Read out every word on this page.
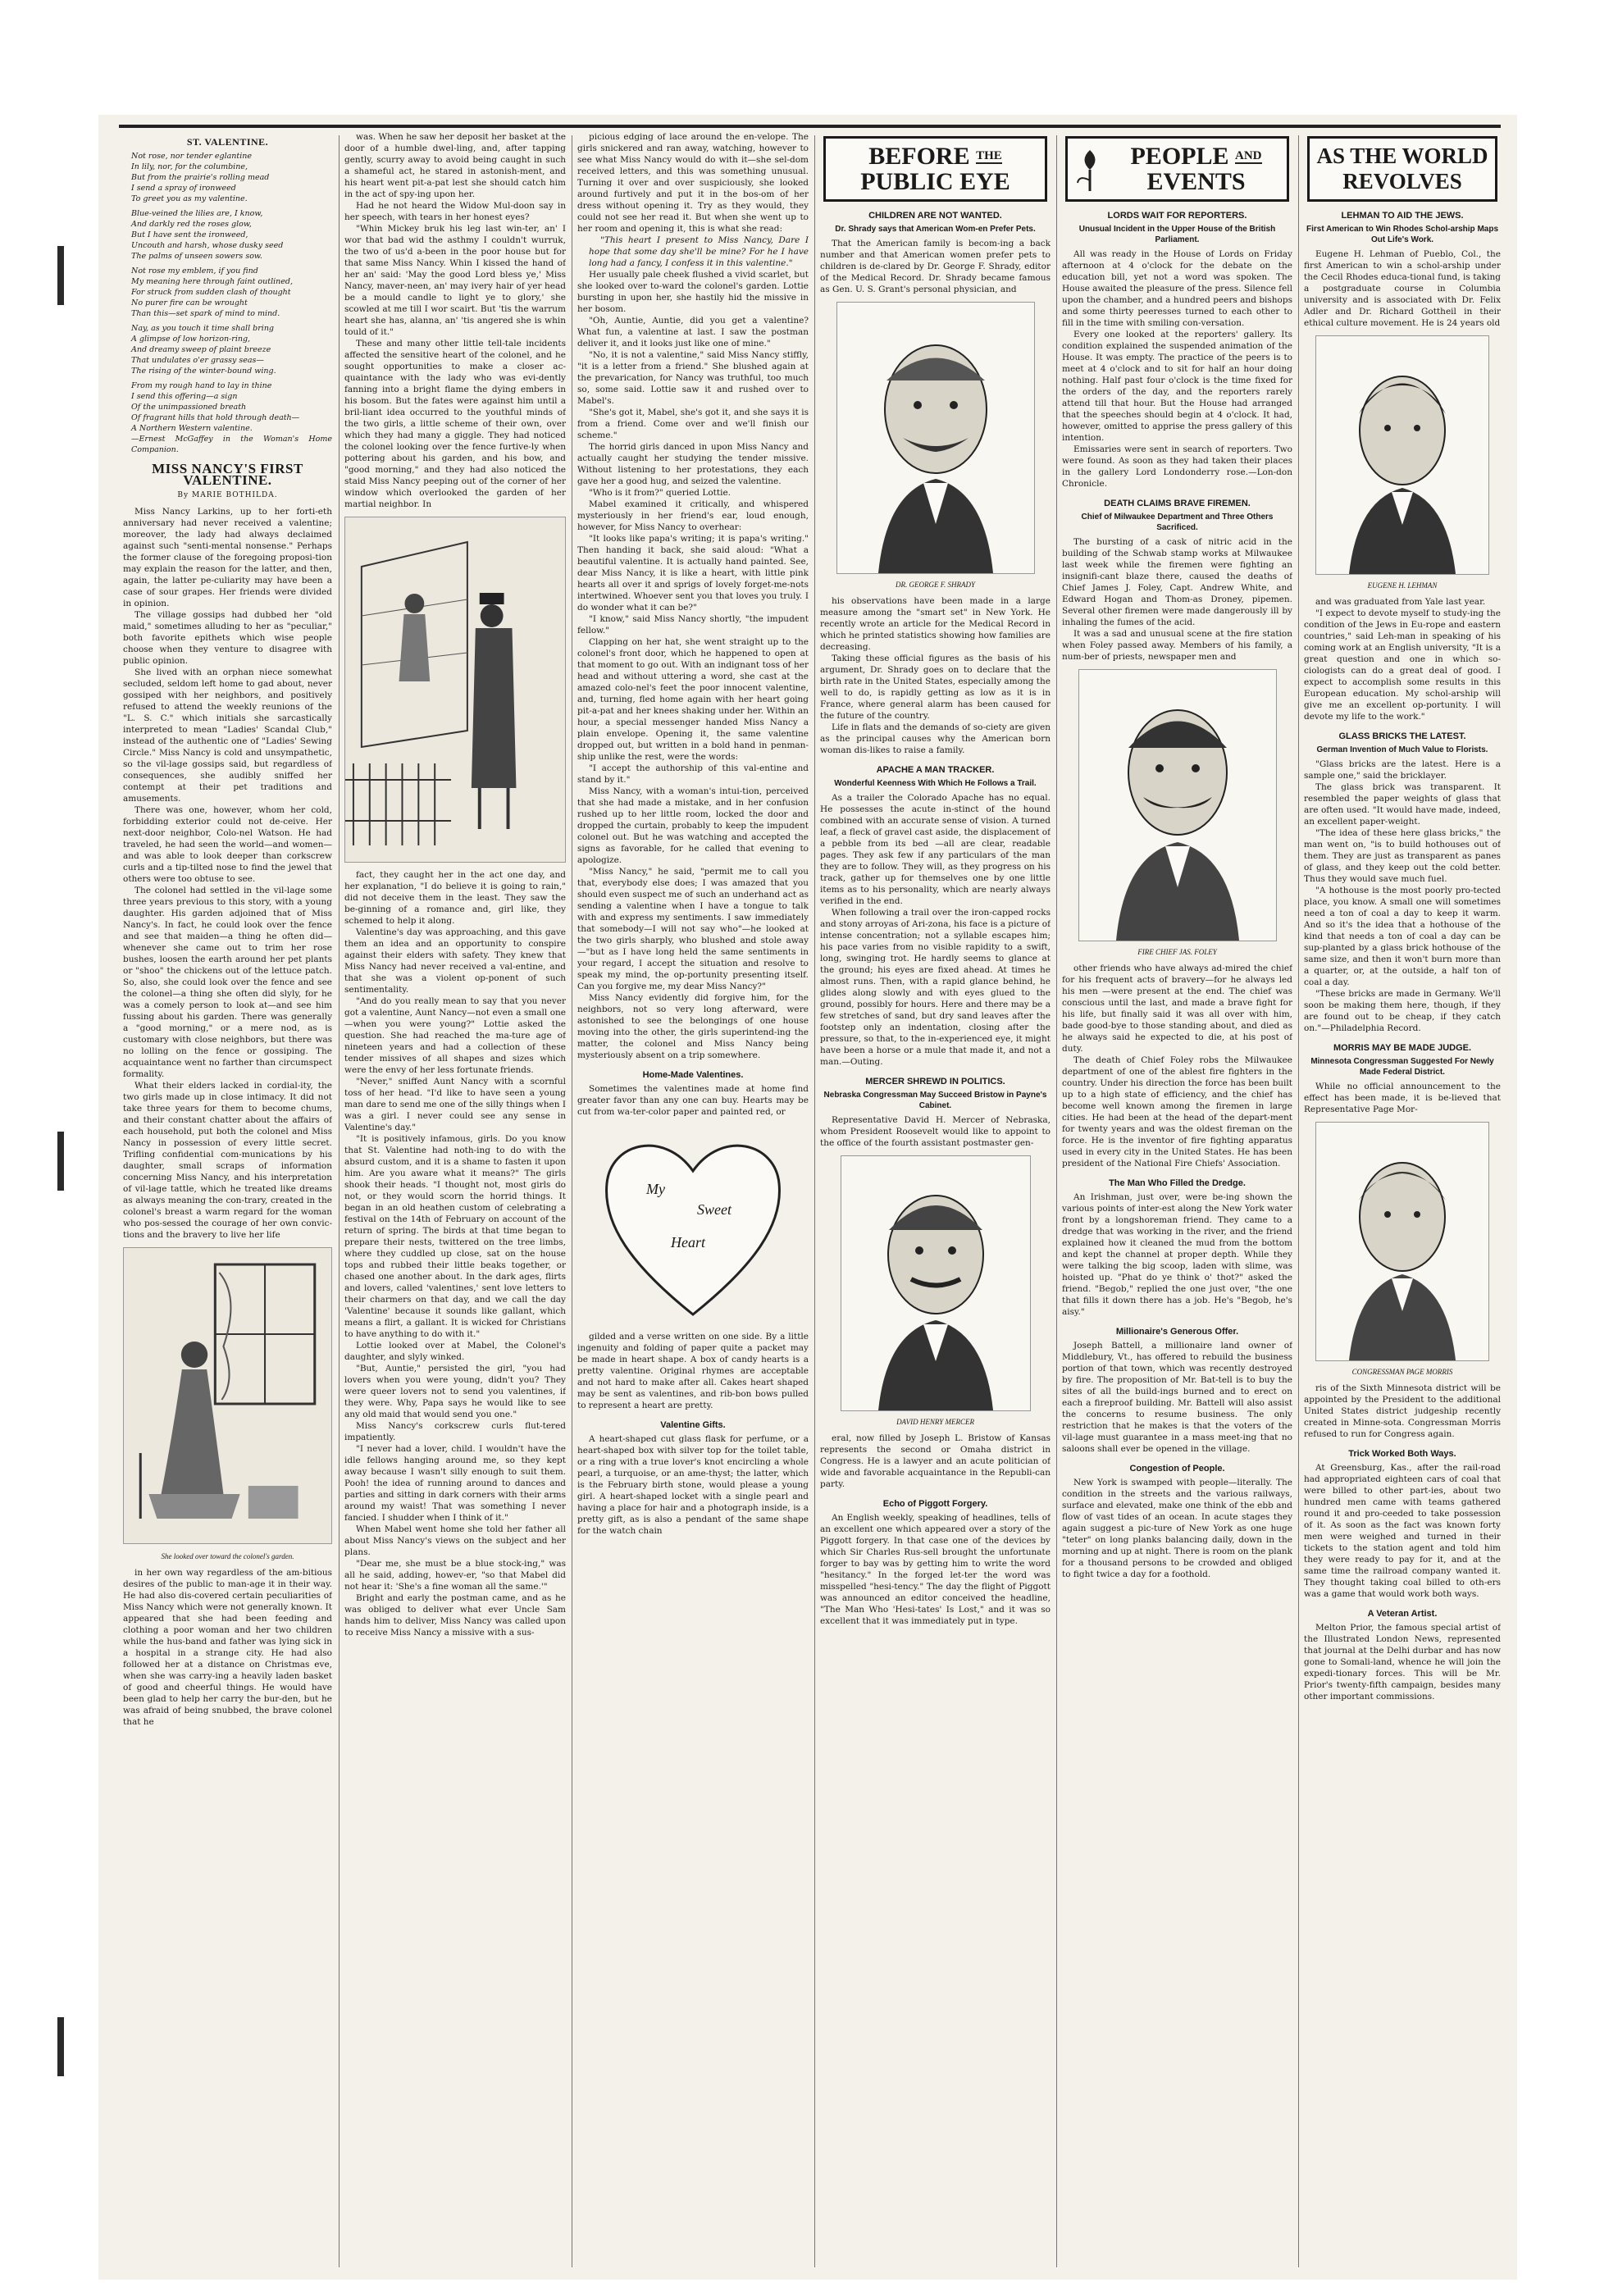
ST. VALENTINE.
Not rose, nor tender eglantine
In lily, nor, for the columbine,
But from the prairie's rolling mead
I send a spray of ironweed
To greet you as my valentine.
Blue-veined the lilies are, I know,
And darkly red the roses glow,
But I have sent the ironweed,
Uncouth and harsh, whose dusky seed
The palms of unseen sowers sow.
Not rose my emblem, if you find
My meaning here through faint outlined,
For struck from sudden clash of thought
No purer fire can be wrought
Than this—set spark of mind to mind.
Nay, as you touch it time shall bring
A glimpse of low horizon-ring,
And dreamy sweep of plaint breeze
That undulates o'er grassy seas—
The rising of the winter-bound wing.
From my rough hand to lay in thine
I send this offering—a sign
Of the unimpassioned breath
Of fragrant hills that hold through death—
A Northern Western valentine.
—Ernest McGaffey in the Woman's Home Companion.
MISS NANCY'S FIRST VALENTINE.
By MARIE BOTHILDA.

Miss Nancy Larkins, up to her forti-eth anniversary had never received a valentine; moreover, the lady had always declaimed against such "senti-mental nonsense." Perhaps the former clause of the foregoing proposi-tion may explain the reason for the latter, and then, again, the latter pe-culiarity may have been a case of sour grapes. Her friends were divided in opinion.

The village gossips had dubbed her "old maid," sometimes alluding to her as "peculiar," both favorite epithets which wise people choose when they venture to disagree with public opinion.

She lived with an orphan niece somewhat secluded, seldom left home to gad about, never gossiped with her neighbors, and positively refused to attend the weekly reunions of the "L. S. C." which initials she sarcastically interpreted to mean "Ladies' Scandal Club," instead of the authentic one of "Ladies' Sewing Circle." Miss Nancy is cold and unsympathetic, so the vil-lage gossips said, but regardless of consequences, she audibly sniffed her contempt at their pet traditions and amusements.

There was one, however, whom her cold, forbidding exterior could not de-ceive. Her next-door neighbor, Colo-nel Watson. He had traveled, he had seen the world—and women—and was able to look deeper than corkscrew curls and a tip-tilted nose to find the jewel that others were too obtuse to see.

The colonel had settled in the vil-lage some three years previous to this story, with a young daughter. His garden adjoined that of Miss Nancy's. In fact, he could look over the fence and see that maiden—a thing he often did—whenever she came out to trim her rose bushes, loosen the earth around her pet plants or "shoo" the chickens out of the lettuce patch. So, also, she could look over the fence and see the colonel—a thing she often did slyly, for he was a comely person to look at—and see him fussing about his garden. There was generally a "good morning," or a mere nod, as is customary with close neighbors, but there was no lolling on the fence or gossiping. The acquaintance went no farther than circumspect formality.

What their elders lacked in cordial-ity, the two girls made up in close intimacy. It did not take three years for them to become chums, and their constant chatter about the affairs of each household, put both the colonel and Miss Nancy in possession of every little secret. Trifling confidential com-munications by his daughter, small scraps of information concerning Miss Nancy, and his interpretation of vil-lage tattle, which he treated like dreams as always meaning the con-trary, created in the colonel's breast a warm regard for the woman who pos-sessed the courage of her own convic-tions and the bravery to live her life

She looked over toward the colonel's garden.

in her own way regardless of the am-bitious desires of the public to man-age it in their way. He had also dis-covered certain peculiarities of Miss Nancy which were not generally known. It appeared that she had been feeding and clothing a poor woman and her two children while the hus-band and father was lying sick in a hospital in a strange city. He had also followed her at a distance on Christmas eve, when she was carry-ing a heavily laden basket of good and cheerful things. He would have been glad to help her carry the bur-den, but he was afraid of being snubbed, the brave colonel that he

was. When he saw her deposit her basket at the door of a humble dwel-ling, and, after tapping gently, scurry away to avoid being caught in such a shameful act, he stared in astonish-ment, and his heart went pit-a-pat lest she should catch him in the act of spy-ing upon her.

Had he not heard the Widow Mul-doon say in her speech, with tears in her honest eyes?

"Whin Mickey bruk his leg last win-ter, an' I wor that bad wid the asthmy I couldn't wurruk, the two of us'd a-been in the poor house but for that same Miss Nancy. Whin I kissed the hand of her an' said: 'May the good Lord bless ye,' Miss Nancy, maver-neen, an' may ivery hair of yer head be a mould candle to light ye to glory,' she scowled at me till I wor scairt. But 'tis the warrum heart she has, alanna, an' 'tis angered she is whin tould of it."

These and many other little tell-tale incidents affected the sensitive heart of the colonel, and he sought opportunities to make a closer ac-quaintance with the lady who was evi-dently fanning into a bright flame the dying embers in his bosom. But the fates were against him until a bril-liant idea occurred to the youthful minds of the two girls, a little scheme of their own, over which they had many a giggle. They had noticed the colonel looking over the fence furtive-ly when pottering about his garden, and his bow, and "good morning," and they had also noticed the staid Miss Nancy peeping out of the corner of her window which overlooked the garden of her martial neighbor. In

fact, they caught her in the act one day, and her explanation, "I do believe it is going to rain," did not deceive them in the least. They saw the be-ginning of a romance and, girl like, they schemed to help it along.

Valentine's day was approaching, and this gave them an idea and an opportunity to conspire against their elders with safety. They knew that Miss Nancy had never received a val-entine, and that she was a violent op-ponent of such sentimentality.

"And do you really mean to say that you never got a valentine, Aunt Nancy—not even a small one—when you were young?" Lottie asked the question. She had reached the ma-ture age of nineteen years and had a collection of these tender missives of all shapes and sizes which were the envy of her less fortunate friends.

"Never," sniffed Aunt Nancy with a scornful toss of her head. "I'd like to have seen a young man dare to send me one of the silly things when I was a girl. I never could see any sense in Valentine's day."

"It is positively infamous, girls. Do you know that St. Valentine had noth-ing to do with the absurd custom, and it is a shame to fasten it upon him. Are you aware what it means?" The girls shook their heads. "I thought not, most girls do not, or they would scorn the horrid things. It began in an old heathen custom of celebrating a festival on the 14th of February on account of the return of spring. The birds at that time began to prepare their nests, twittered on the tree limbs, where they cuddled up close, sat on the house tops and rubbed their little beaks together, or chased one another about. In the dark ages, flirts and lovers, called 'valentines,' sent love letters to their charmers on that day, and we call the day 'Valentine' because it sounds like gallant, which means a flirt, a gallant. It is wicked for Christians to have anything to do with it."

Lottie looked over at Mabel, the Colonel's daughter, and slyly winked.

"But, Auntie," persisted the girl, "you had lovers when you were young, didn't you? They were queer lovers not to send you valentines, if they were. Why, Papa says he would like to see any old maid that would send you one."

Miss Nancy's corkscrew curls flut-tered impatiently.

"I never had a lover, child. I wouldn't have the idle fellows hanging around me, so they kept away because I wasn't silly enough to suit them. Pooh! the idea of running around to dances and parties and sitting in dark corners with their arms around my waist! That was something I never fancied. I shudder when I think of it."

When Mabel went home she told her father all about Miss Nancy's views on the subject and her plans.

"Dear me, she must be a blue stock-ing," was all he said, adding, howev-er, "so that Mabel did not hear it: 'She's a fine woman all the same.'"

Bright and early the postman came, and as he was obliged to deliver what ever Uncle Sam hands him to deliver, Miss Nancy was called upon to receive Miss Nancy a missive with a sus-

picious edging of lace around the en-velope. The girls snickered and ran away, watching, however to see what Miss Nancy would do with it—she sel-dom received letters, and this was something unusual. Turning it over and over suspiciously, she looked around furtively and put it in the bos-om of her dress without opening it. Try as they would, they could not see her read it. But when she went up to her room and opening it, this is what she read:

"This heart I present to Miss Nancy, Dare I hope that some day she'll be mine? For he I have long had a fancy, I confess it in this valentine."

Her usually pale cheek flushed a vivid scarlet, but she looked over to-ward the colonel's garden. Lottie bursting in upon her, she hastily hid the missive in her bosom.

"Oh, Auntie, Auntie, did you get a valentine? What fun, a valentine at last. I saw the postman deliver it, and it looks just like one of mine."

"No, it is not a valentine," said Miss Nancy stiffly, "it is a letter from a friend." She blushed again at the prevarication, for Nancy was truthful, too much so, some said. Lottie saw it and rushed over to Mabel's.

"She's got it, Mabel, she's got it, and she says it is from a friend. Come over and we'll finish our scheme."

The horrid girls danced in upon Miss Nancy and actually caught her studying the tender missive. Without listening to her protestations, they each gave her a good hug, and seized the valentine.

"Who is it from?" queried Lottie.

Mabel examined it critically, and whispered mysteriously in her friend's ear, loud enough, however, for Miss Nancy to overhear:

"It looks like papa's writing; it is papa's writing." Then handing it back, she said aloud: "What a beautiful valentine. It is actually hand painted. See, dear Miss Nancy, it is like a heart, with little pink hearts all over it and sprigs of lovely forget-me-nots intertwined. Whoever sent you that loves you truly. I do wonder what it can be?"

"I know," said Miss Nancy shortly, "the impudent fellow."

Clapping on her hat, she went straight up to the colonel's front door, which he happened to open at that moment to go out. With an indignant toss of her head and without uttering a word, she cast at the amazed colo-nel's feet the poor innocent valentine, and, turning, fled home again with her heart going pit-a-pat and her knees shaking under her. Within an hour, a special messenger handed Miss Nancy a plain envelope. Opening it, the same valentine dropped out, but written in a bold hand in penman-ship unlike the rest, were the words:

"I accept the authorship of this val-entine and stand by it."

Miss Nancy, with a woman's intui-tion, perceived that she had made a mistake, and in her confusion rushed up to her little room, locked the door and dropped the curtain, probably to keep the impudent colonel out. But he was watching and accepted the signs as favorable, for he called that evening to apologize.

"Miss Nancy," he said, "permit me to call you that, everybody else does; I was amazed that you should even suspect me of such an underhand act as sending a valentine when I have a tongue to talk with and express my sentiments. I saw immediately that somebody—I will not say who"—he looked at the two girls sharply, who blushed and stole away—"but as I have long held the same sentiments in your regard, I accept the situation and resolve to speak my mind, the op-portunity presenting itself. Can you forgive me, my dear Miss Nancy?"

Miss Nancy evidently did forgive him, for the neighbors, not so very long afterward, were astonished to see the belongings of one house moving into the other, the girls superintend-ing the matter, the colonel and Miss Nancy being mysteriously absent on a trip somewhere.

Home-Made Valentines.

Sometimes the valentines made at home find greater favor than any one can buy. Hearts may be cut from wa-ter-color paper and painted red, or

My
Sweet
Heart

gilded and a verse written on one side. By a little ingenuity and folding of paper quite a packet may be made in heart shape. A box of candy hearts is a pretty valentine. Original rhymes are acceptable and not hard to make after all. Cakes heart shaped may be sent as valentines, and rib-bon bows pulled to represent a heart are pretty.

Valentine Gifts.

A heart-shaped cut glass flask for perfume, or a heart-shaped box with silver top for the toilet table, or a ring with a true lover's knot encircling a whole pearl, a turquoise, or an ame-thyst; the latter, which is the February birth stone, would please a young girl. A heart-shaped locket with a single pearl and having a place for hair and a photograph inside, is a pretty gift, as is also a pendant of the same shape for the watch chain

BEFORE $^{THE}$
PUBLIC EYE
CHILDREN ARE NOT WANTED.
Dr. Shrady says that American Wom-en Prefer Pets.

That the American family is becom-ing a back number and that American women prefer pets to children is de-clared by Dr. George F. Shrady, editor of the Medical Record. Dr. Shrady became famous as Gen. U. S. Grant's personal physician, and

DR. GEORGE F. SHRADY

his observations have been made in a large measure among the "smart set" in New York. He recently wrote an article for the Medical Record in which he printed statistics showing how families are decreasing.

Taking these official figures as the basis of his argument, Dr. Shrady goes on to declare that the birth rate in the United States, especially among the well to do, is rapidly getting as low as it is in France, where general alarm has been caused for the future of the country.

Life in flats and the demands of so-ciety are given as the principal causes why the American born woman dis-likes to raise a family.

APACHE A MAN TRACKER.
Wonderful Keenness With Which He Follows a Trail.

As a trailer the Colorado Apache has no equal. He possesses the acute in-stinct of the hound combined with an accurate sense of vision. A turned leaf, a fleck of gravel cast aside, the displacement of a pebble from its bed —all are clear, readable pages. They ask few if any particulars of the man they are to follow. They will, as they progress on his track, gather up for themselves one by one little items as to his personality, which are nearly always verified in the end.

When following a trail over the iron-capped rocks and stony arroyas of Ari-zona, his face is a picture of intense concentration; not a syllable escapes him; his pace varies from no visible rapidity to a swift, long, swinging trot. He hardly seems to glance at the ground; his eyes are fixed ahead. At times he almost runs. Then, with a rapid glance behind, he glides along slowly and with eyes glued to the ground, possibly for hours. Here and there may be a few stretches of sand, but dry sand leaves after the footstep only an indentation, closing after the pressure, so that, to the in-experienced eye, it might have been a horse or a mule that made it, and not a man.—Outing.

MERCER SHREWD IN POLITICS.
Nebraska Congressman May Succeed Bristow in Payne's Cabinet.

Representative David H. Mercer of Nebraska, whom President Roosevelt would like to appoint to the office of the fourth assistant postmaster gen-

DAVID HENRY MERCER

eral, now filled by Joseph L. Bristow of Kansas represents the second or Omaha district in Congress. He is a lawyer and an acute politician of wide and favorable acquaintance in the Republi-can party.

Echo of Piggott Forgery.

An English weekly, speaking of headlines, tells of an excellent one which appeared over a story of the Piggott forgery. In that case one of the devices by which Sir Charles Rus-sell brought the unfortunate forger to bay was by getting him to write the word "hesitancy." In the forged let-ter the word was misspelled "hesi-tency." The day the flight of Piggott was announced an editor conceived the headline, "The Man Who 'Hesi-tates' Is Lost," and it was so excellent that it was immediately put in type.

PEOPLE $^{AND}$
EVENTS
LORDS WAIT FOR REPORTERS.
Unusual Incident in the Upper House of the British Parliament.

All was ready in the House of Lords on Friday afternoon at 4 o'clock for the debate on the education bill, yet not a word was spoken. The House awaited the pleasure of the press. Silence fell upon the chamber, and a hundred peers and bishops and some thirty peeresses turned to each other to fill in the time with smiling con-versation.

Every one looked at the reporters' gallery. Its condition explained the suspended animation of the House. It was empty. The practice of the peers is to meet at 4 o'clock and to sit for half an hour doing nothing. Half past four o'clock is the time fixed for the orders of the day, and the reporters rarely attend till that hour. But the House had arranged that the speeches should begin at 4 o'clock. It had, however, omitted to apprise the press gallery of this intention.

Emissaries were sent in search of reporters. Two were found. As soon as they had taken their places in the gallery Lord Londonderry rose.—Lon-don Chronicle.

DEATH CLAIMS BRAVE FIREMEN.
Chief of Milwaukee Department and Three Others Sacrificed.

The bursting of a cask of nitric acid in the building of the Schwab stamp works at Milwaukee last week while the firemen were fighting an insignifi-cant blaze there, caused the deaths of Chief James J. Foley, Capt. Andrew White, and Edward Hogan and Thom-as Droney, pipemen. Several other firemen were made dangerously ill by inhaling the fumes of the acid.

It was a sad and unusual scene at the fire station when Foley passed away. Members of his family, a num-ber of priests, newspaper men and

FIRE CHIEF JAS. FOLEY

other friends who have always ad-mired the chief for his frequent acts of bravery—for he always led his men —were present at the end. The chief was conscious until the last, and made a brave fight for his life, but finally said it was all over with him, bade good-bye to those standing about, and died as he always said he expected to die, at his post of duty.

The death of Chief Foley robs the Milwaukee department of one of the ablest fire fighters in the country. Under his direction the force has been built up to a high state of efficiency, and the chief has become well known among the firemen in large cities. He had been at the head of the depart-ment for twenty years and was the oldest fireman on the force. He is the inventor of fire fighting apparatus used in every city in the United States. He has been president of the National Fire Chiefs' Association.

The Man Who Filled the Dredge.

An Irishman, just over, were be-ing shown the various points of inter-est along the New York water front by a longshoreman friend. They came to a dredge that was working in the river, and the friend explained how it cleaned the mud from the bottom and kept the channel at proper depth. While they were talking the big scoop, laden with slime, was hoisted up. "Phat do ye think o' thot?" asked the friend. "Begob," replied the one just over, "the one that fills it down there has a job. He's "Begob, he's aisy."

Millionaire's Generous Offer.

Joseph Battell, a millionaire land owner of Middlebury, Vt., has offered to rebuild the business portion of that town, which was recently destroyed by fire. The proposition of Mr. Bat-tell is to buy the sites of all the build-ings burned and to erect on each a fireproof building. Mr. Battell will also assist the concerns to resume business. The only restriction that he makes is that the voters of the vil-lage must guarantee in a mass meet-ing that no saloons shall ever be opened in the village.

Congestion of People.

New York is swamped with people—literally. The condition in the streets and the various railways, surface and elevated, make one think of the ebb and flow of vast tides of an ocean. In acute stages they again suggest a pic-ture of New York as one huge "teter" on long planks balancing daily, down in the morning and up at night. There is room on the plank for a thousand persons to be crowded and obliged to fight twice a day for a foothold.

AS THE WORLD
REVOLVES
LEHMAN TO AID THE JEWS.
First American to Win Rhodes Schol-arship Maps Out Life's Work.

Eugene H. Lehman of Pueblo, Col., the first American to win a schol-arship under the Cecil Rhodes educa-tional fund, is taking a postgraduate course in Columbia university and is associated with Dr. Felix Adler and Dr. Richard Gottheil in their ethical culture movement. He is 24 years old

EUGENE H. LEHMAN

and was graduated from Yale last year.

"I expect to devote myself to study-ing the condition of the Jews in Eu-rope and eastern countries," said Leh-man in speaking of his coming work at an English university, "It is a great question and one in which so-ciologists can do a great deal of good. I expect to accomplish some results in this European education. My schol-arship will give me an excellent op-portunity. I will devote my life to the work."

GLASS BRICKS THE LATEST.
German Invention of Much Value to Florists.

"Glass bricks are the latest. Here is a sample one," said the bricklayer.

The glass brick was transparent. It resembled the paper weights of glass that are often used. "It would have made, indeed, an excellent paper-weight.

"The idea of these here glass bricks," the man went on, "is to build hothouses out of them. They are just as transparent as panes of glass, and they keep out the cold better. Thus they would save much fuel.

"A hothouse is the most poorly pro-tected place, you know. A small one will sometimes need a ton of coal a day to keep it warm. And so it's the idea that a hothouse of the kind that needs a ton of coal a day can be sup-planted by a glass brick hothouse of the same size, and then it won't burn more than a quarter, or, at the outside, a half ton of coal a day.

"These bricks are made in Germany. We'll soon be making them here, though, if they are found out to be cheap, if they catch on."—Philadelphia Record.

MORRIS MAY BE MADE JUDGE.
Minnesota Congressman Suggested For Newly Made Federal District.

While no official announcement to the effect has been made, it is be-lieved that Representative Page Mor-

CONGRESSMAN PAGE MORRIS

ris of the Sixth Minnesota district will be appointed by the President to the additional United States district judgeship recently created in Minne-sota. Congressman Morris refused to run for Congress again.

Trick Worked Both Ways.

At Greensburg, Kas., after the rail-road had appropriated eighteen cars of coal that were billed to other part-ies, about two hundred men came with teams gathered round it and pro-ceeded to take possession of it. As soon as the fact was known forty men were weighed and turned in their tickets to the station agent and told him they were ready to pay for it, and at the same time the railroad company wanted it. They thought taking coal billed to oth-ers was a game that would work both ways.

A Veteran Artist.

Melton Prior, the famous special artist of the Illustrated London News, represented that journal at the Delhi durbar and has now gone to Somali-land, whence he will join the expedi-tionary forces. This will be Mr. Prior's twenty-fifth campaign, besides many other important commissions.
